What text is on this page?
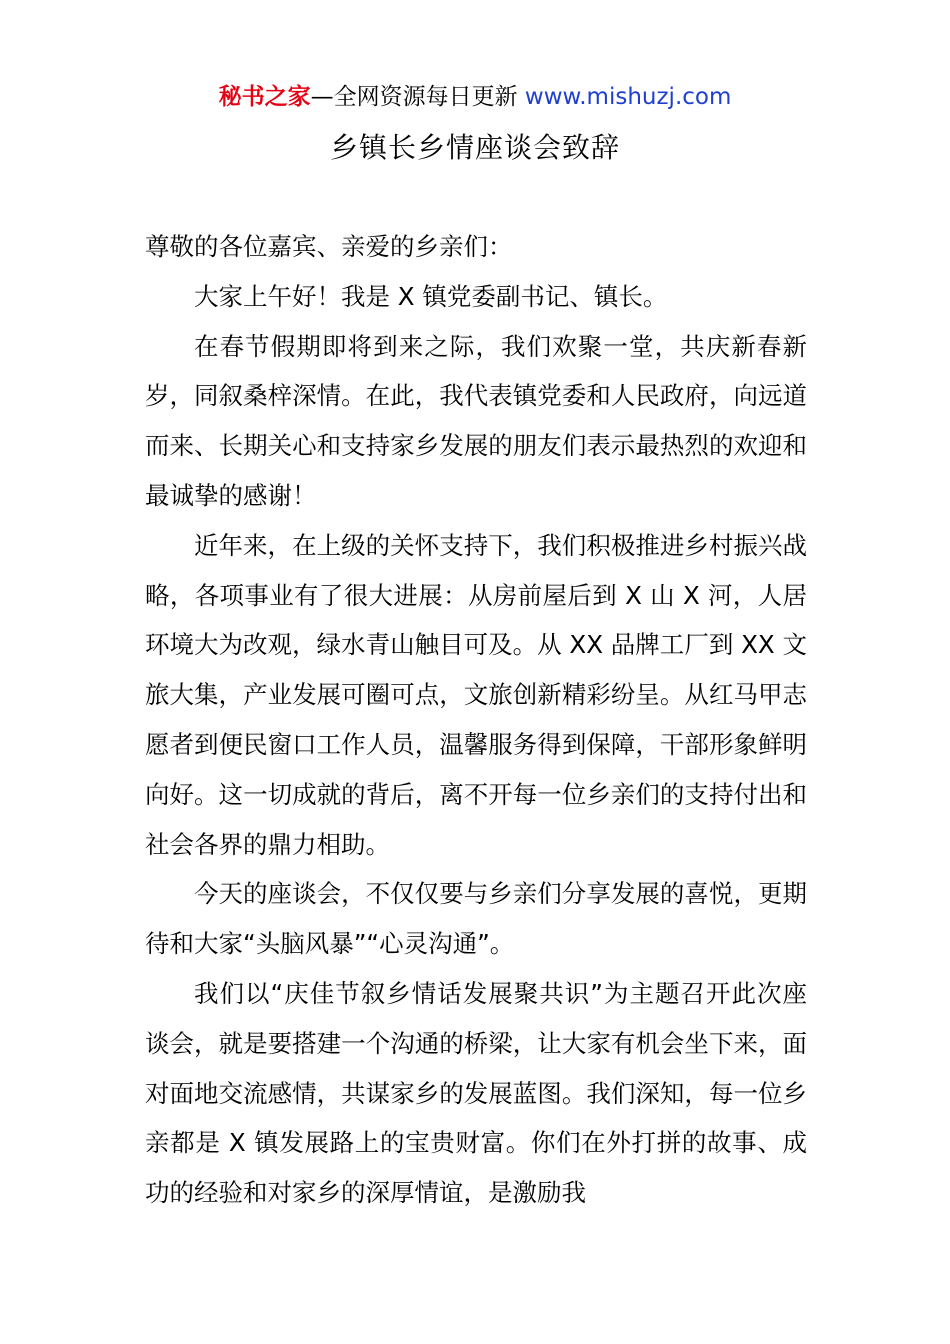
秘书之家—全网资源每日更新 www.mishuzj.com
乡镇长乡情座谈会致辞

尊敬的各位嘉宾、亲爱的乡亲们：

大家上午好！我是 X 镇党委副书记、镇长。

在春节假期即将到来之际，我们欢聚一堂，共庆新春新岁，同叙桑梓深情。在此，我代表镇党委和人民政府，向远道而来、长期关心和支持家乡发展的朋友们表示最热烈的欢迎和最诚挚的感谢！

近年来，在上级的关怀支持下，我们积极推进乡村振兴战略，各项事业有了很大进展：从房前屋后到 X 山 X 河，人居环境大为改观，绿水青山触目可及。从 XX 品牌工厂到 XX 文旅大集，产业发展可圈可点，文旅创新精彩纷呈。从红马甲志愿者到便民窗口工作人员，温馨服务得到保障，干部形象鲜明向好。这一切成就的背后，离不开每一位乡亲们的支持付出和社会各界的鼎力相助。

今天的座谈会，不仅仅要与乡亲们分享发展的喜悦，更期待和大家“头脑风暴”“心灵沟通”。

我们以“庆佳节叙乡情话发展聚共识”为主题召开此次座谈会，就是要搭建一个沟通的桥梁，让大家有机会坐下来，面对面地交流感情，共谋家乡的发展蓝图。我们深知，每一位乡亲都是 X 镇发展路上的宝贵财富。你们在外打拼的故事、成功的经验和对家乡的深厚情谊，是激励我
